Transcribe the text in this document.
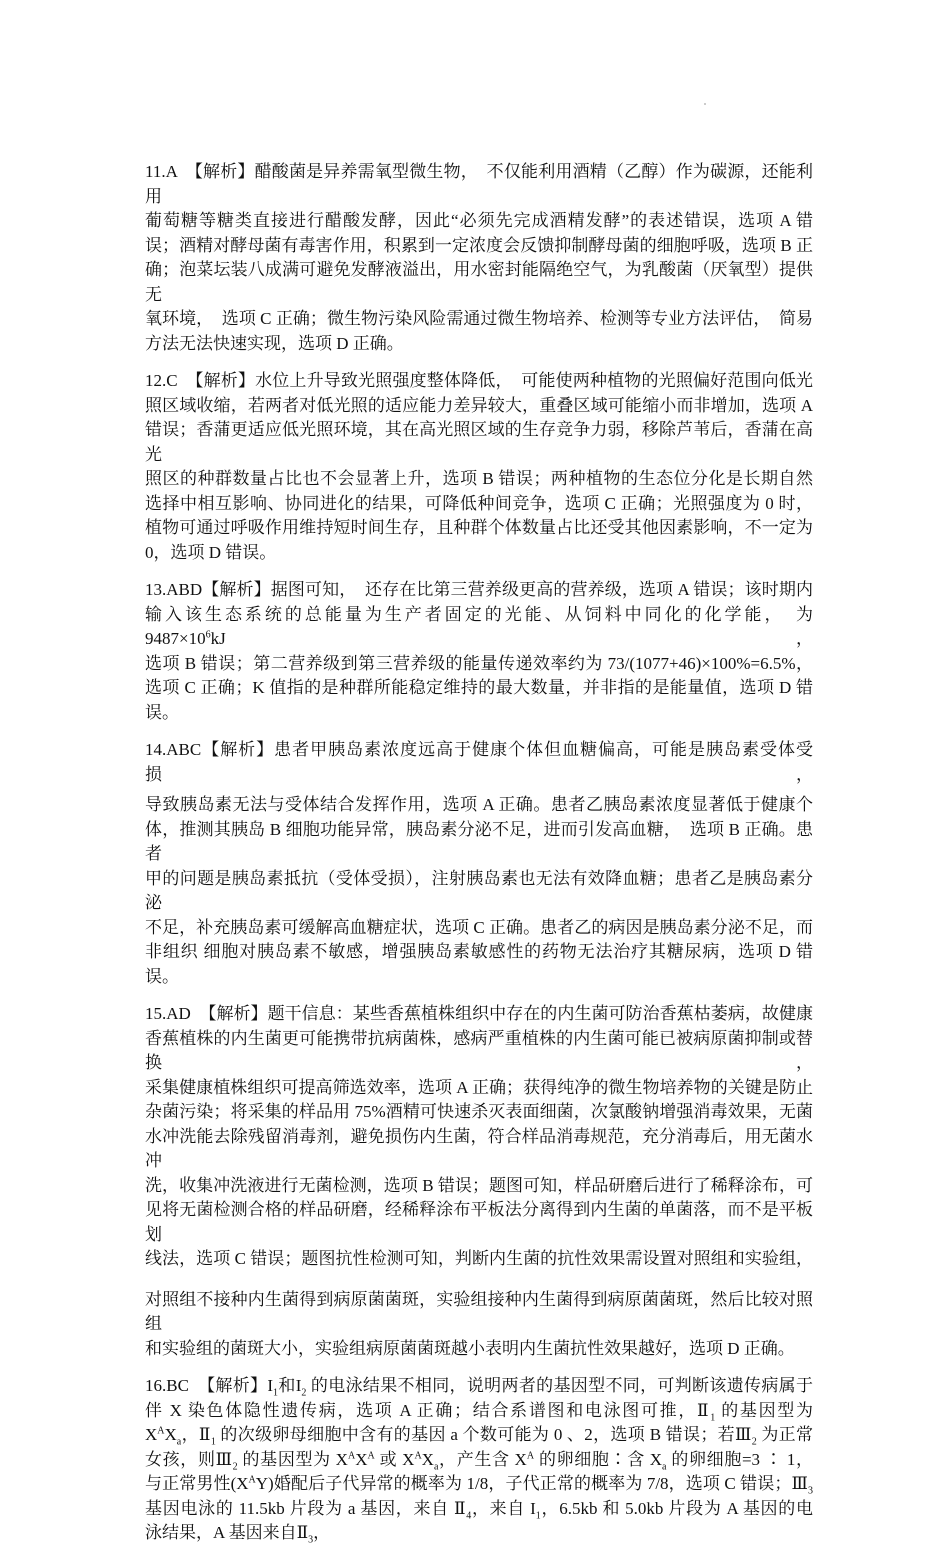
11.A　【解析】醋酸菌是异养需氧型微生物，　不仅能利用酒精（乙醇）作为碳源，还能利用
葡萄糖等糖类直接进行醋酸发酵，因此“必须先完成酒精发酵”的表述错误，选项 A 错
误；酒精对酵母菌有毒害作用，积累到一定浓度会反馈抑制酵母菌的细胞呼吸，选项 B 正
确；泡菜坛装八成满可避免发酵液溢出，用水密封能隔绝空气，为乳酸菌（厌氧型）提供无
氧环境，　选项 C 正确；微生物污染风险需通过微生物培养、检测等专业方法评估，　简易
方法无法快速实现，选项 D 正确。
12.C　【解析】水位上升导致光照强度整体降低，　可能使两种植物的光照偏好范围向低光
照区域收缩，若两者对低光照的适应能力差异较大，重叠区域可能缩小而非增加，选项 A
错误；香蒲更适应低光照环境，其在高光照区域的生存竞争力弱，移除芦苇后，香蒲在高光
照区的种群数量占比也不会显著上升，选项 B 错误；两种植物的生态位分化是长期自然
选择中相互影响、协同进化的结果，可降低种间竞争，选项 C 正确；光照强度为 0 时，
植物可通过呼吸作用维持短时间生存，且种群个体数量占比还受其他因素影响，不一定为
0，选项 D 错误。
13.ABD【解析】据图可知，　还存在比第三营养级更高的营养级，选项 A 错误；该时期内
输入该生态系统的总能量为生产者固定的光能、从饲料中同化的化学能，　为 $9487\times 10^6kJ$，
选项 B 错误；第二营养级到第三营养级的能量传递效率约为 73/(1077+46)×100%=6.5%，
选项 C 正确；K 值指的是种群所能稳定维持的最大数量，并非指的是能量值，选项 D 错
误。
14.ABC【解析】患者甲胰岛素浓度远高于健康个体但血糖偏高，可能是胰岛素受体受损，
导致胰岛素无法与受体结合发挥作用，选项 A 正确。患者乙胰岛素浓度显著低于健康个
体，推测其胰岛 B 细胞功能异常，胰岛素分泌不足，进而引发高血糖，　选项 B 正确。患者
甲的问题是胰岛素抵抗（受体受损），注射胰岛素也无法有效降血糖；患者乙是胰岛素分泌
不足，补充胰岛素可缓解高血糖症状，选项 C 正确。患者乙的病因是胰岛素分泌不足，而
非组织 细胞对胰岛素不敏感，增强胰岛素敏感性的药物无法治疗其糖尿病，选项 D 错误。
15.AD　【解析】题干信息：某些香蕉植株组织中存在的内生菌可防治香蕉枯萎病，故健康
香蕉植株的内生菌更可能携带抗病菌株，感病严重植株的内生菌可能已被病原菌抑制或替换，
采集健康植株组织可提高筛选效率，选项 A 正确；获得纯净的微生物培养物的关键是防止
杂菌污染；将采集的样品用 75%酒精可快速杀灭表面细菌，次氯酸钠增强消毒效果，无菌
水冲洗能去除残留消毒剂，避免损伤内生菌，符合样品消毒规范，充分消毒后，用无菌水冲
洗，收集冲洗液进行无菌检测，选项 B 错误；题图可知，样品研磨后进行了稀释涂布，可
见将无菌检测合格的样品研磨，经稀释涂布平板法分离得到内生菌的单菌落，而不是平板划
线法，选项 C 错误；题图抗性检测可知，判断内生菌的抗性效果需设置对照组和实验组，
对照组不接种内生菌得到病原菌菌斑，实验组接种内生菌得到病原菌菌斑，然后比较对照组
和实验组的菌斑大小，实验组病原菌菌斑越小表明内生菌抗性效果越好，选项 D 正确。
16.BC　【解析】$I_1$和$I_2$ 的电泳结果不相同，说明两者的基因型不同，可判断该遗传病属于
伴 X 染色体隐性遗传病，选项 A 正确；结合系谱图和电泳图可推，$Ⅱ_1$ 的基因型为
$X^AX_a$，$Ⅱ_1$ 的次级卵母细胞中含有的基因 a 个数可能为 0 、2，选项 B 错误；若$Ⅲ_2$ 为正常
女孩，则$Ⅲ_2$ 的基因型为 $X^AX^A$ 或 $X^AX_a$，产生含 $X^A$ 的卵细胞∶含 $X_a$ 的卵细胞=3 ∶ 1，
与正常男性$(X^AY)$婚配后子代异常的概率为 1/8，子代正常的概率为 7/8，选项 C 错误；$Ⅲ_3$
基因电泳的 11.5kb 片段为 a 基因，来自 $Ⅱ_4$，来自 $I_1$，6.5kb 和 5.0kb 片段为 A 基因的电
泳结果，A 基因来自$Ⅱ_3$，
